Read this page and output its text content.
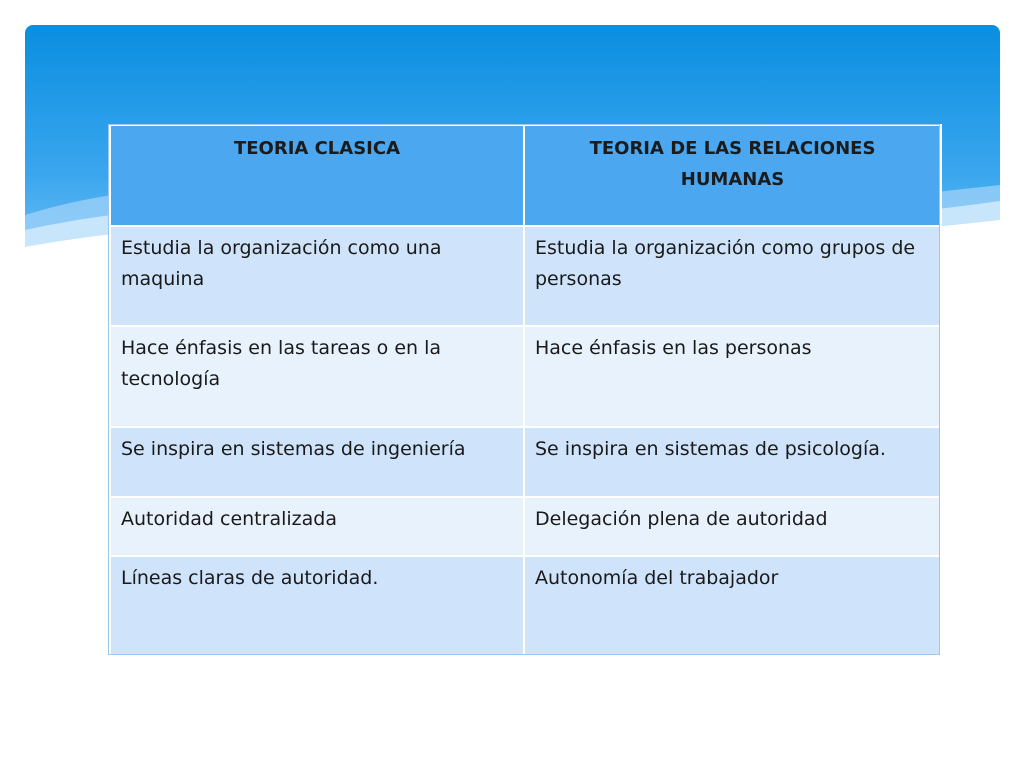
TEORIA CLASICA	TEORIA DE LAS RELACIONES HUMANAS
Estudia la organización como una maquina	Estudia la organización como grupos de personas
Hace énfasis en las tareas o en la tecnología	Hace énfasis en las personas
Se inspira en sistemas de ingeniería	Se inspira en sistemas de psicología.
Autoridad centralizada	Delegación plena de autoridad
Líneas claras de autoridad.	Autonomía del trabajador
